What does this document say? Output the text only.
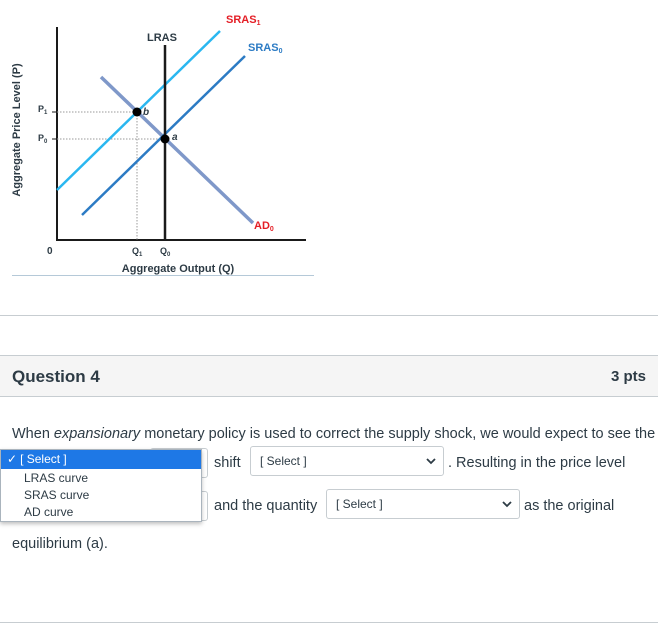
Aggregate Price Level (P)
0
$P_1$
$P_0$
$Q_1$ $Q_0$
Aggregate Output (Q)
b
a
LRAS
SRAS1
SRAS0
AD0
Question 4	3 pts
When expansionary monetary policy is used to correct the supply shock, we would expect to see the
shift [ Select ]	. Resulting in the price level
and the quantity [ Select ]	as the original
equilibrium (a).
✓ [ Select ]
LRAS curve
SRAS curve
AD curve
